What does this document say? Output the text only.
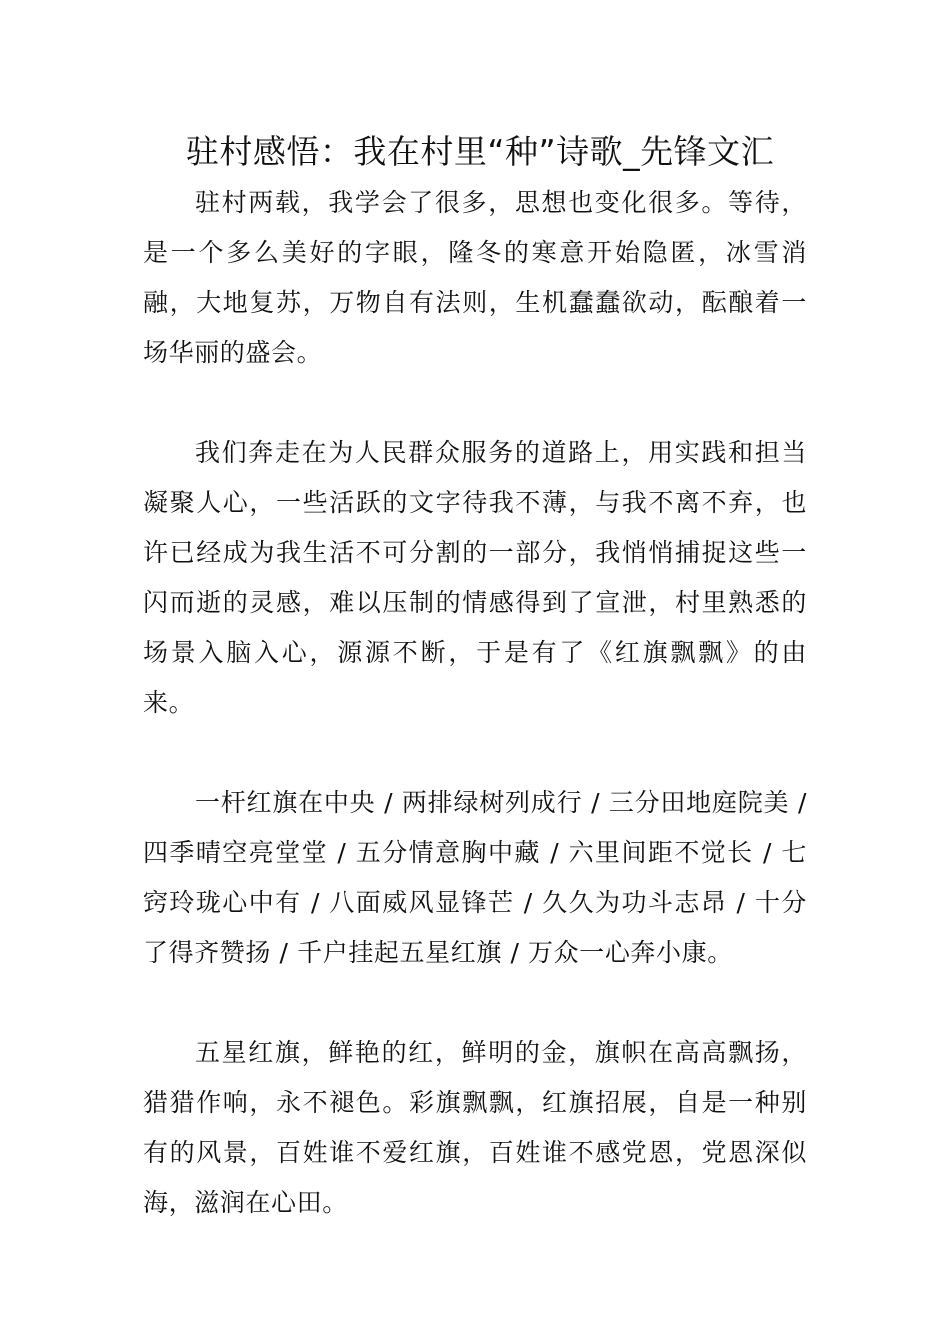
驻村感悟：我在村里“种”诗歌_先锋文汇

驻村两载，我学会了很多，思想也变化很多。等待，是一个多么美好的字眼，隆冬的寒意开始隐匿，冰雪消融，大地复苏，万物自有法则，生机蠢蠢欲动，酝酿着一场华丽的盛会。

我们奔走在为人民群众服务的道路上，用实践和担当凝聚人心，一些活跃的文字待我不薄，与我不离不弃，也许已经成为我生活不可分割的一部分，我悄悄捕捉这些一闪而逝的灵感，难以压制的情感得到了宣泄，村里熟悉的场景入脑入心，源源不断，于是有了《红旗飘飘》的由来。

一杆红旗在中央 / 两排绿树列成行 / 三分田地庭院美 / 四季晴空亮堂堂 / 五分情意胸中藏 / 六里间距不觉长 / 七窍玲珑心中有 / 八面威风显锋芒 / 久久为功斗志昂 / 十分了得齐赞扬 / 千户挂起五星红旗 / 万众一心奔小康。

五星红旗，鲜艳的红，鲜明的金，旗帜在高高飘扬，猎猎作响，永不褪色。彩旗飘飘，红旗招展，自是一种别有的风景，百姓谁不爱红旗，百姓谁不感党恩，党恩深似海，滋润在心田。
